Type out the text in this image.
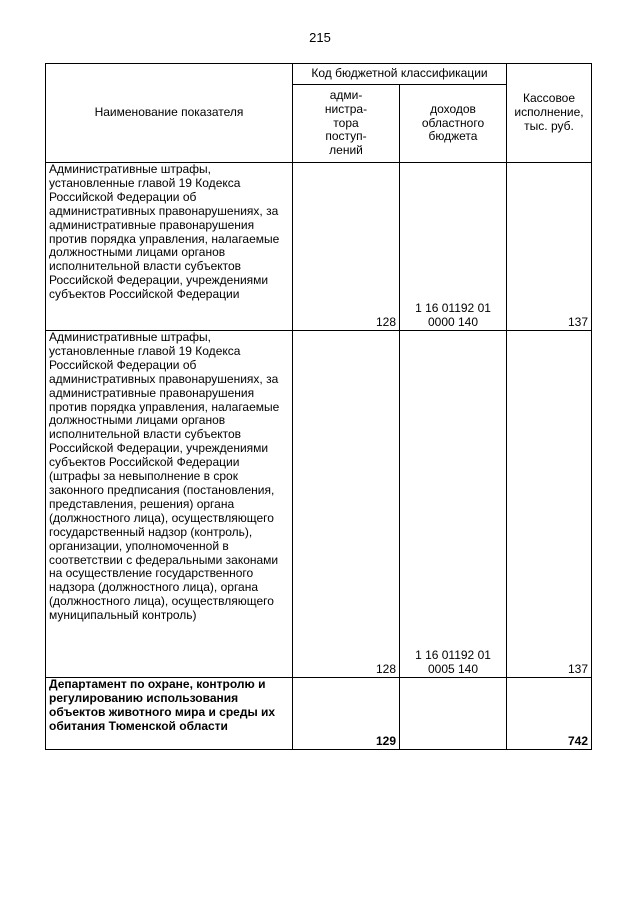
215
Наименование показателя	Код бюджетной классификации		Кассовое
исполнение,
тыс. руб.

	адми-
нистра-
тора
поступ-
лений	доходов
областного
бюджета	

Административные штрафы, установленные главой 19 Кодекса Российской Федерации об административных правонарушениях, за административные правонарушения против порядка управления, налагаемые должностными лицами органов исполнительной власти субъектов Российской Федерации, учреждениями субъектов Российской Федерации	128	1 16 01192 01 0000 140	137
Административные штрафы, установленные главой 19 Кодекса Российской Федерации об административных правонарушениях, за административные правонарушения против порядка управления, налагаемые должностными лицами органов исполнительной власти субъектов Российской Федерации, учреждениями субъектов Российской Федерации (штрафы за невыполнение в срок законного предписания (постановления, представления, решения) органа (должностного лица), осуществляющего государственный надзор (контроль), организации, уполномоченной в соответствии с федеральными законами на осуществление государственного надзора (должностного лица), органа (должностного лица), осуществляющего муниципальный контроль)	128	1 16 01192 01 0005 140	137
Департамент по охране, контролю и регулированию использования объектов животного мира и среды их обитания Тюменской области	129		742
